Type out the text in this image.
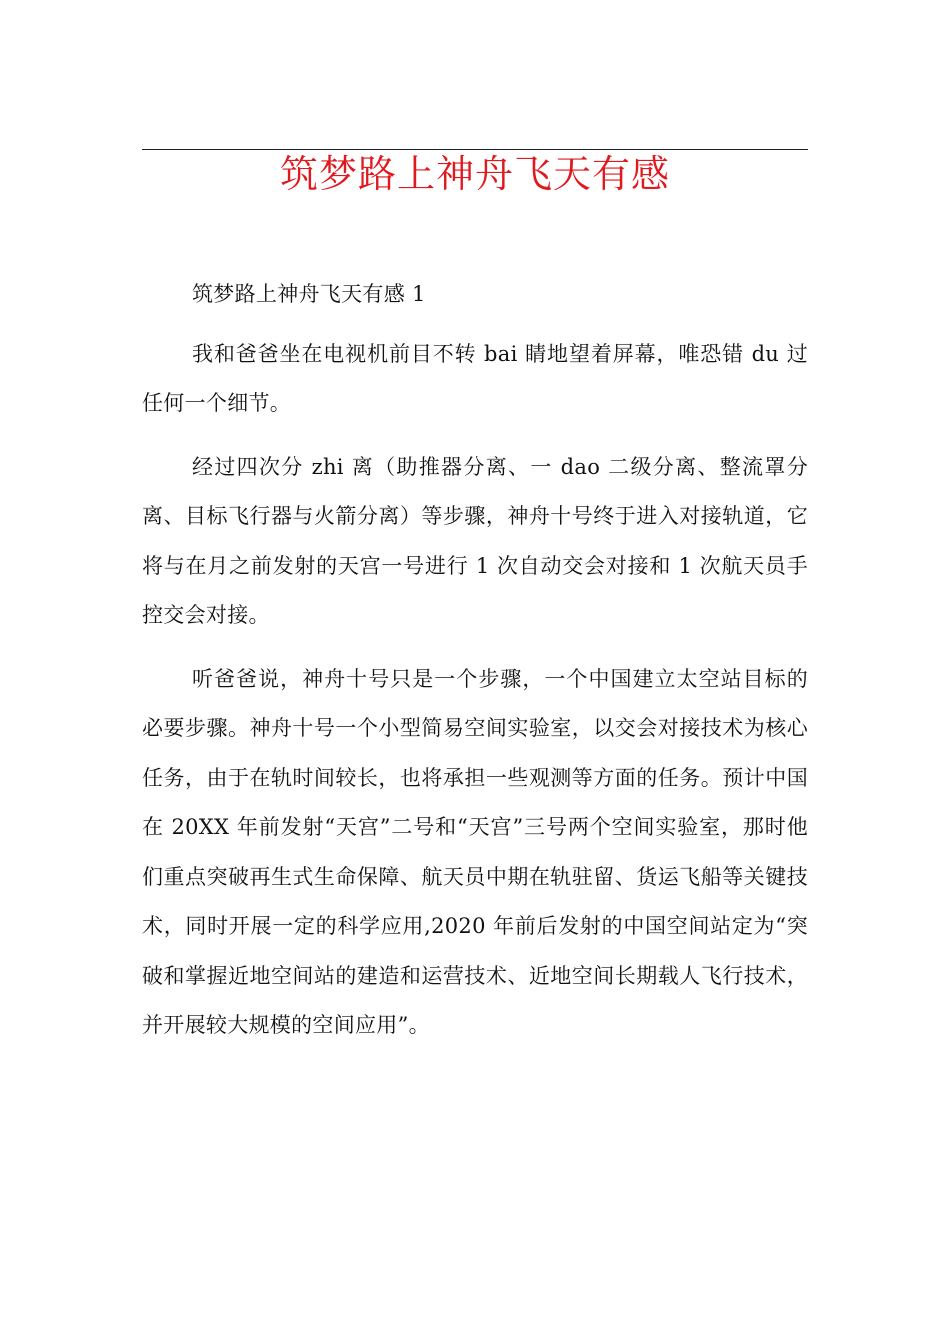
筑梦路上神舟飞天有感

筑梦路上神舟飞天有感 1

我和爸爸坐在电视机前目不转 bai 睛地望着屏幕，唯恐错 du 过任何一个细节。

经过四次分 zhi 离（助推器分离、一 dao 二级分离、整流罩分离、目标飞行器与火箭分离）等步骤，神舟十号终于进入对接轨道，它将与在月之前发射的天宫一号进行 1 次自动交会对接和 1 次航天员手控交会对接。

听爸爸说，神舟十号只是一个步骤，一个中国建立太空站目标的必要步骤。神舟十号一个小型简易空间实验室，以交会对接技术为核心任务，由于在轨时间较长，也将承担一些观测等方面的任务。预计中国在 20XX 年前发射“天宫”二号和“天宫”三号两个空间实验室，那时他们重点突破再生式生命保障、航天员中期在轨驻留、货运飞船等关键技术，同时开展一定的科学应用,2020 年前后发射的中国空间站定为“突破和掌握近地空间站的建造和运营技术、近地空间长期载人飞行技术，并开展较大规模的空间应用”。
